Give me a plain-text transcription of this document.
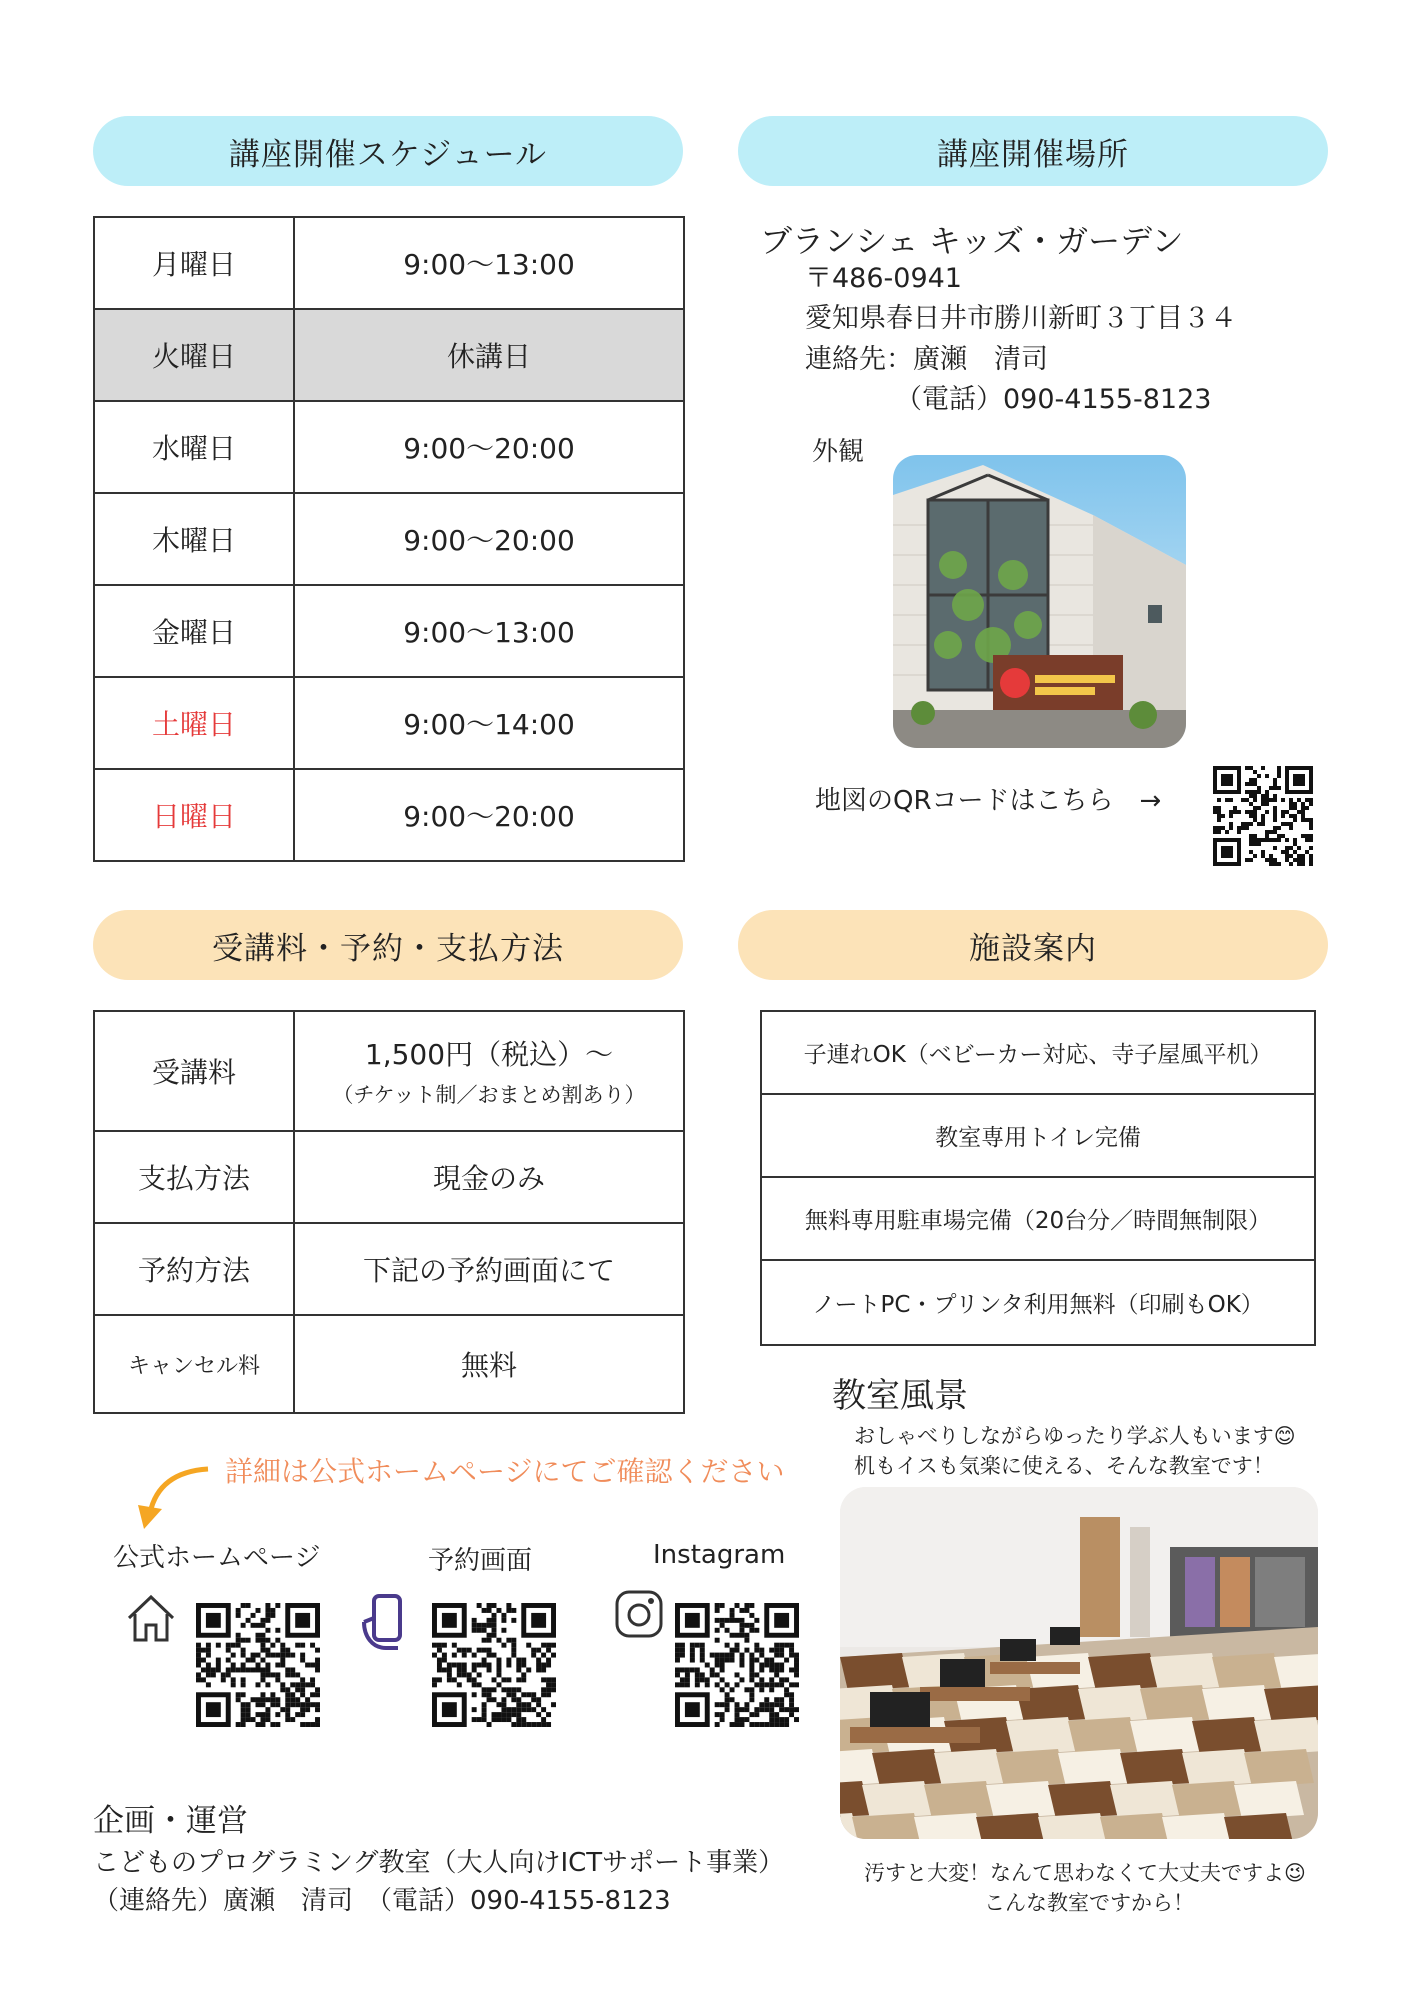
講座開催スケジュール
月曜日	9:00〜13:00
火曜日	休講日
水曜日	9:00〜20:00
木曜日	9:00〜20:00
金曜日	9:00〜13:00
土曜日	9:00〜14:00
日曜日	9:00〜20:00
講座開催場所
ブランシェ キッズ・ガーデン
〒486-0941
愛知県春日井市勝川新町３丁目３４
連絡先：廣瀬　清司
（電話）090-4155-8123
外観
地図のQRコードはこちら　→
受講料・予約・支払方法
受講料	1,500円（税込）〜
（チケット制／おまとめ割あり）

支払方法	現金のみ
予約方法	下記の予約画面にて
キャンセル料	無料
施設案内
子連れOK（ベビーカー対応、寺子屋風平机）
教室専用トイレ完備
無料専用駐車場完備（20台分／時間無制限）
ノートPC・プリンタ利用無料（印刷もOK）
教室風景
おしゃべりしながらゆったり学ぶ人もいます😊
机もイスも気楽に使える、そんな教室です！
汚すと大変！なんて思わなくて大丈夫ですよ😉
こんな教室ですから！
詳細は公式ホームページにてご確認ください
公式ホームページ	予約画面	Instagram
企画・運営
こどものプログラミング教室（大人向けICTサポート事業）
（連絡先）廣瀬　清司　（電話）090-4155-8123
